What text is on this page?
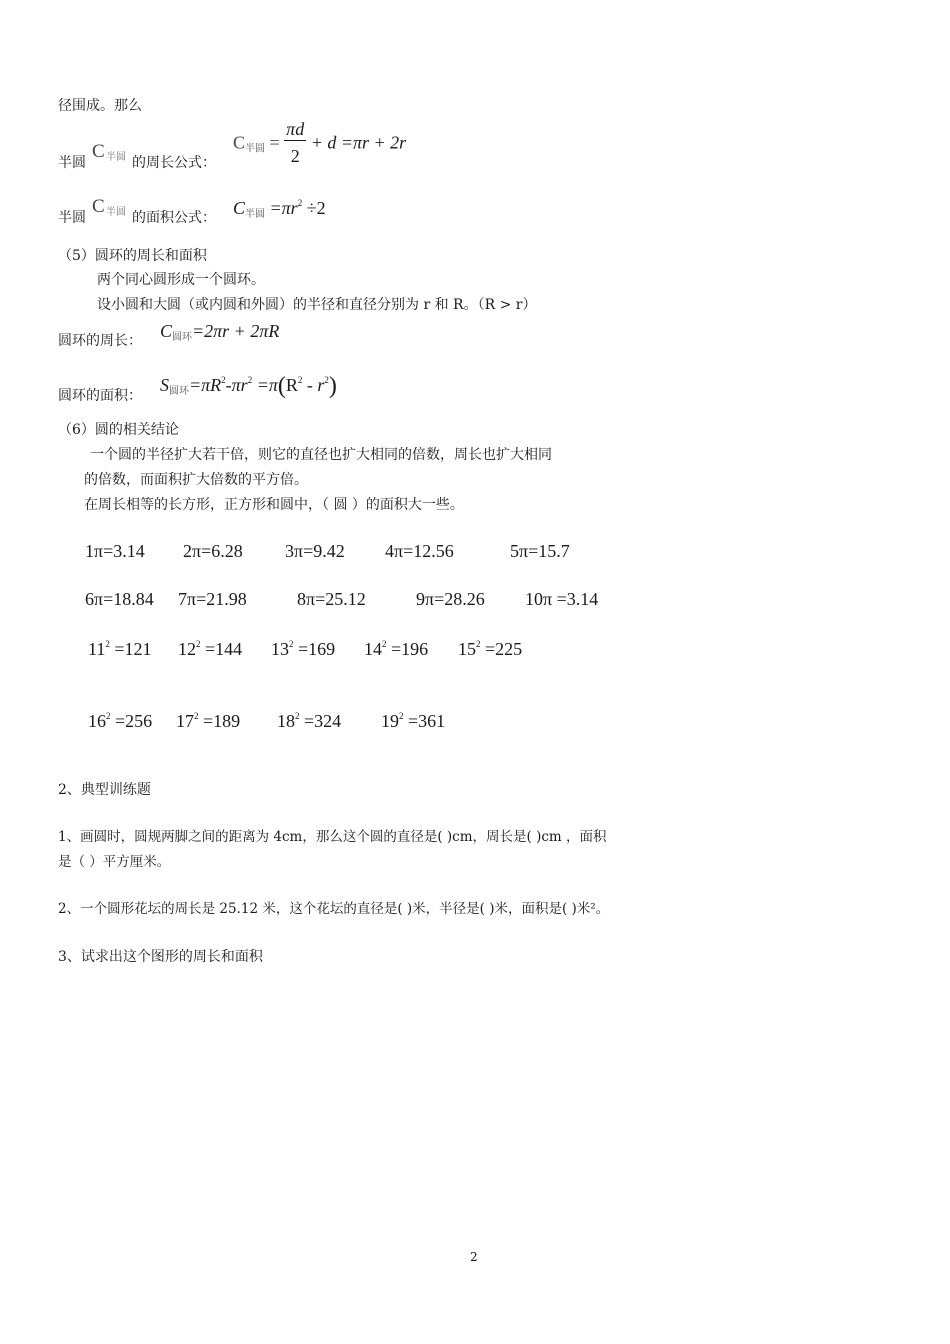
径围成。那么
半圆
C 半圆 的周长公式：
$C_{半圆} = \frac{\pi d}{2} + d =\pi r + 2r$
半圆
C 半圆 的面积公式： $C_{半圆} =\pi r^2 \div 2$
（5）圆环的周长和面积
两个同心圆形成一个圆环。
设小圆和大圆（或内圆和外圆）的半径和直径分别为 r 和 R。（R > r）
圆环的周长： $C_{圆环}=2\pi r + 2\pi R$
圆环的面积：
$S_{圆环}=\pi R^2-\pi r^2 =\pi(R^2 - r^2)$
（6）圆的相关结论
一个圆的半径扩大若干倍，则它的直径也扩大相同的倍数，周长也扩大相同
的倍数，而面积扩大倍数的平方倍。
在周长相等的长方形，正方形和圆中，（ 圆 ）的面积大一些。
1π=3.14 2π=6.28 3π=9.42 4π=12.56	5π=15.7
6π=18.84 7π=21.98	8π=25.12	9π=28.26 10π =3.14
$11^2 =121$ $12^2 =144$ $13^2 =169$ $14^2 =196$ $15^2 =225$
$16^2 =256$ $17^2 =189$ $18^2 =324$ $19^2 =361$
2、典型训练题
1、画圆时，圆规两脚之间的距离为 4cm，那么这个圆的直径是( )cm，周长是( )cm ，面积
是（ ）平方厘米。
2、一个圆形花坛的周长是 25.12 米，这个花坛的直径是( )米，半径是( )米，面积是( )米²。
3、试求出这个图形的周长和面积
2
